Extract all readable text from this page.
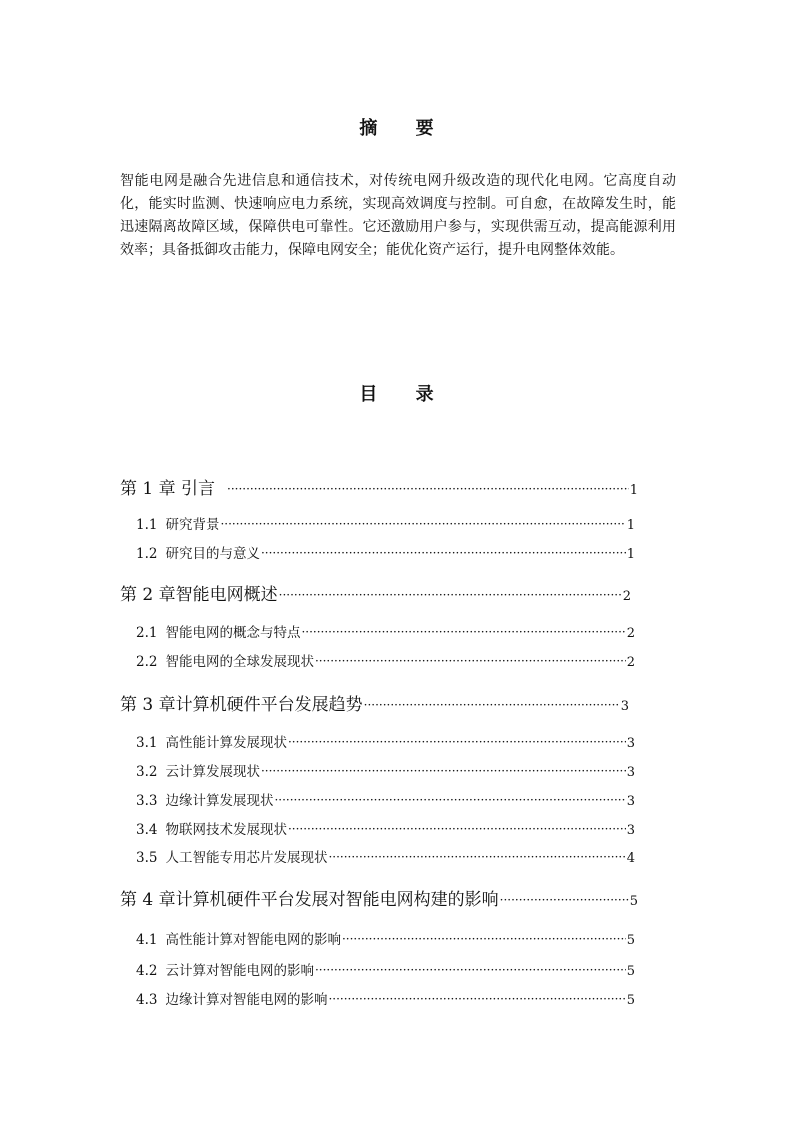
摘 要

智能电网是融合先进信息和通信技术，对传统电网升级改造的现代化电网。它高度自动化，能实时监测、快速响应电力系统，实现高效调度与控制。可自愈，在故障发生时，能迅速隔离故障区域，保障供电可靠性。它还激励用户参与，实现供需互动，提高能源利用效率；具备抵御攻击能力，保障电网安全；能优化资产运行，提升电网整体效能。

目 录
第 1 章 引言 ·····	1
1.1 研究背景 ·····	1
1.2 研究目的与意义 ·····	1
第 2 章智能电网概述 ·····	2
2.1 智能电网的概念与特点 ·····	2
2.2 智能电网的全球发展现状 ·····	2
第 3 章计算机硬件平台发展趋势 ·····	3
3.1 高性能计算发展现状 ·····	3
3.2 云计算发展现状 ·····	3
3.3 边缘计算发展现状 ·····	3
3.4 物联网技术发展现状 ·····	3
3.5 人工智能专用芯片发展现状 ·····	4
第 4 章计算机硬件平台发展对智能电网构建的影响 ·····	5
4.1 高性能计算对智能电网的影响 ·····	5
4.2 云计算对智能电网的影响 ·····	5
4.3 边缘计算对智能电网的影响 ·····	5
